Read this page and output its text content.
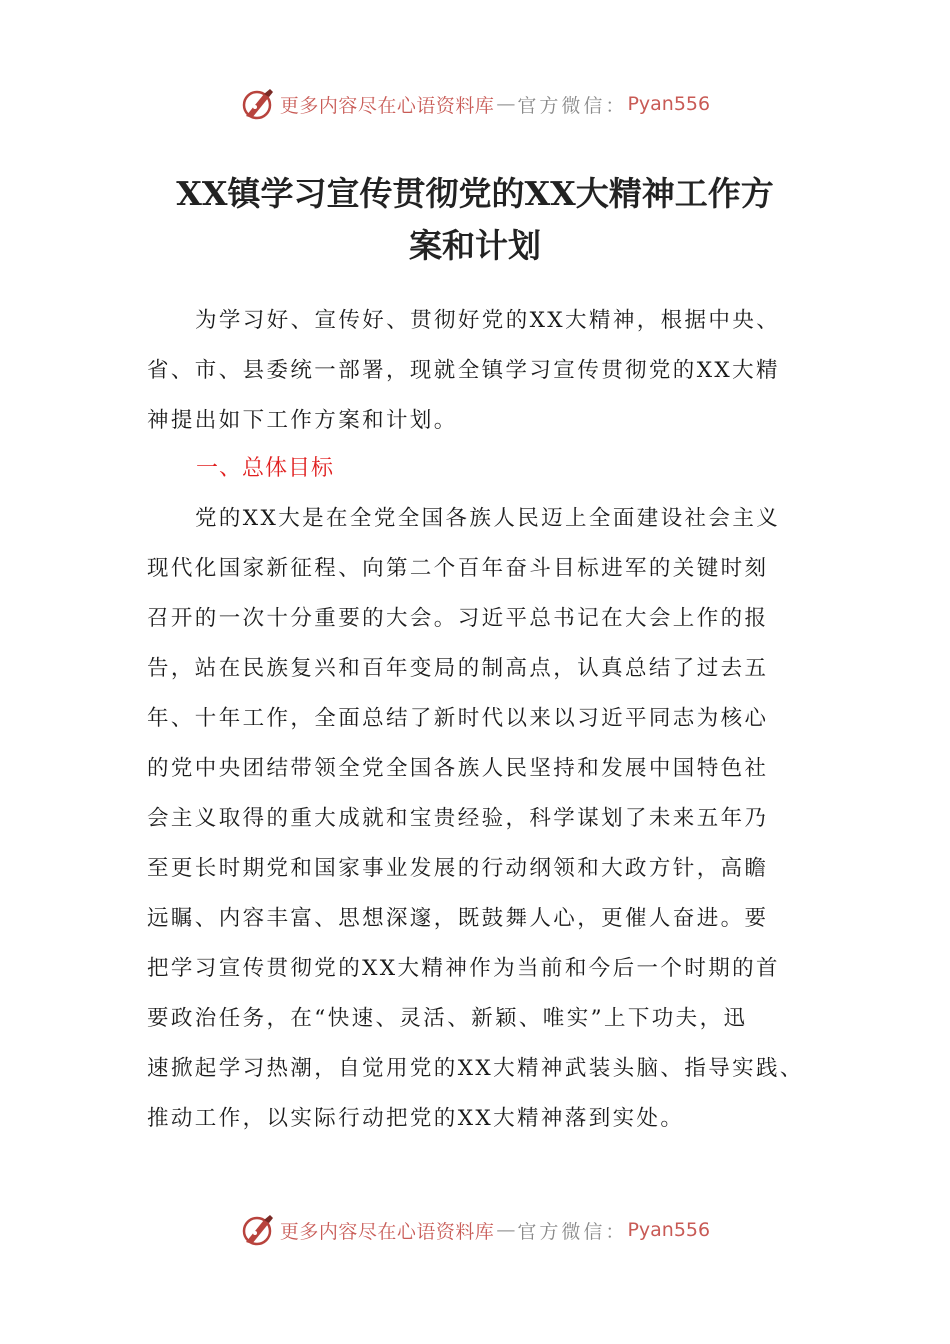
更多内容尽在心语资料库 — 官方微信： Pyan556
XX镇学习宣传贯彻党的XX大精神工作方
案和计划
为学习好、宣传好、贯彻好党的XX大精神，根据中央、
省、市、县委统一部署，现就全镇学习宣传贯彻党的XX大精
神提出如下工作方案和计划。
一、总体目标
党的XX大是在全党全国各族人民迈上全面建设社会主义
现代化国家新征程、向第二个百年奋斗目标进军的关键时刻
召开的一次十分重要的大会。习近平总书记在大会上作的报
告，站在民族复兴和百年变局的制高点，认真总结了过去五
年、十年工作，全面总结了新时代以来以习近平同志为核心
的党中央团结带领全党全国各族人民坚持和发展中国特色社
会主义取得的重大成就和宝贵经验，科学谋划了未来五年乃
至更长时期党和国家事业发展的行动纲领和大政方针，高瞻
远瞩、内容丰富、思想深邃，既鼓舞人心，更催人奋进。要
把学习宣传贯彻党的XX大精神作为当前和今后一个时期的首
要政治任务，在“快速、灵活、新颖、唯实”上下功夫，迅
速掀起学习热潮，自觉用党的XX大精神武装头脑、指导实践、
推动工作，以实际行动把党的XX大精神落到实处。
更多内容尽在心语资料库 — 官方微信： Pyan556
